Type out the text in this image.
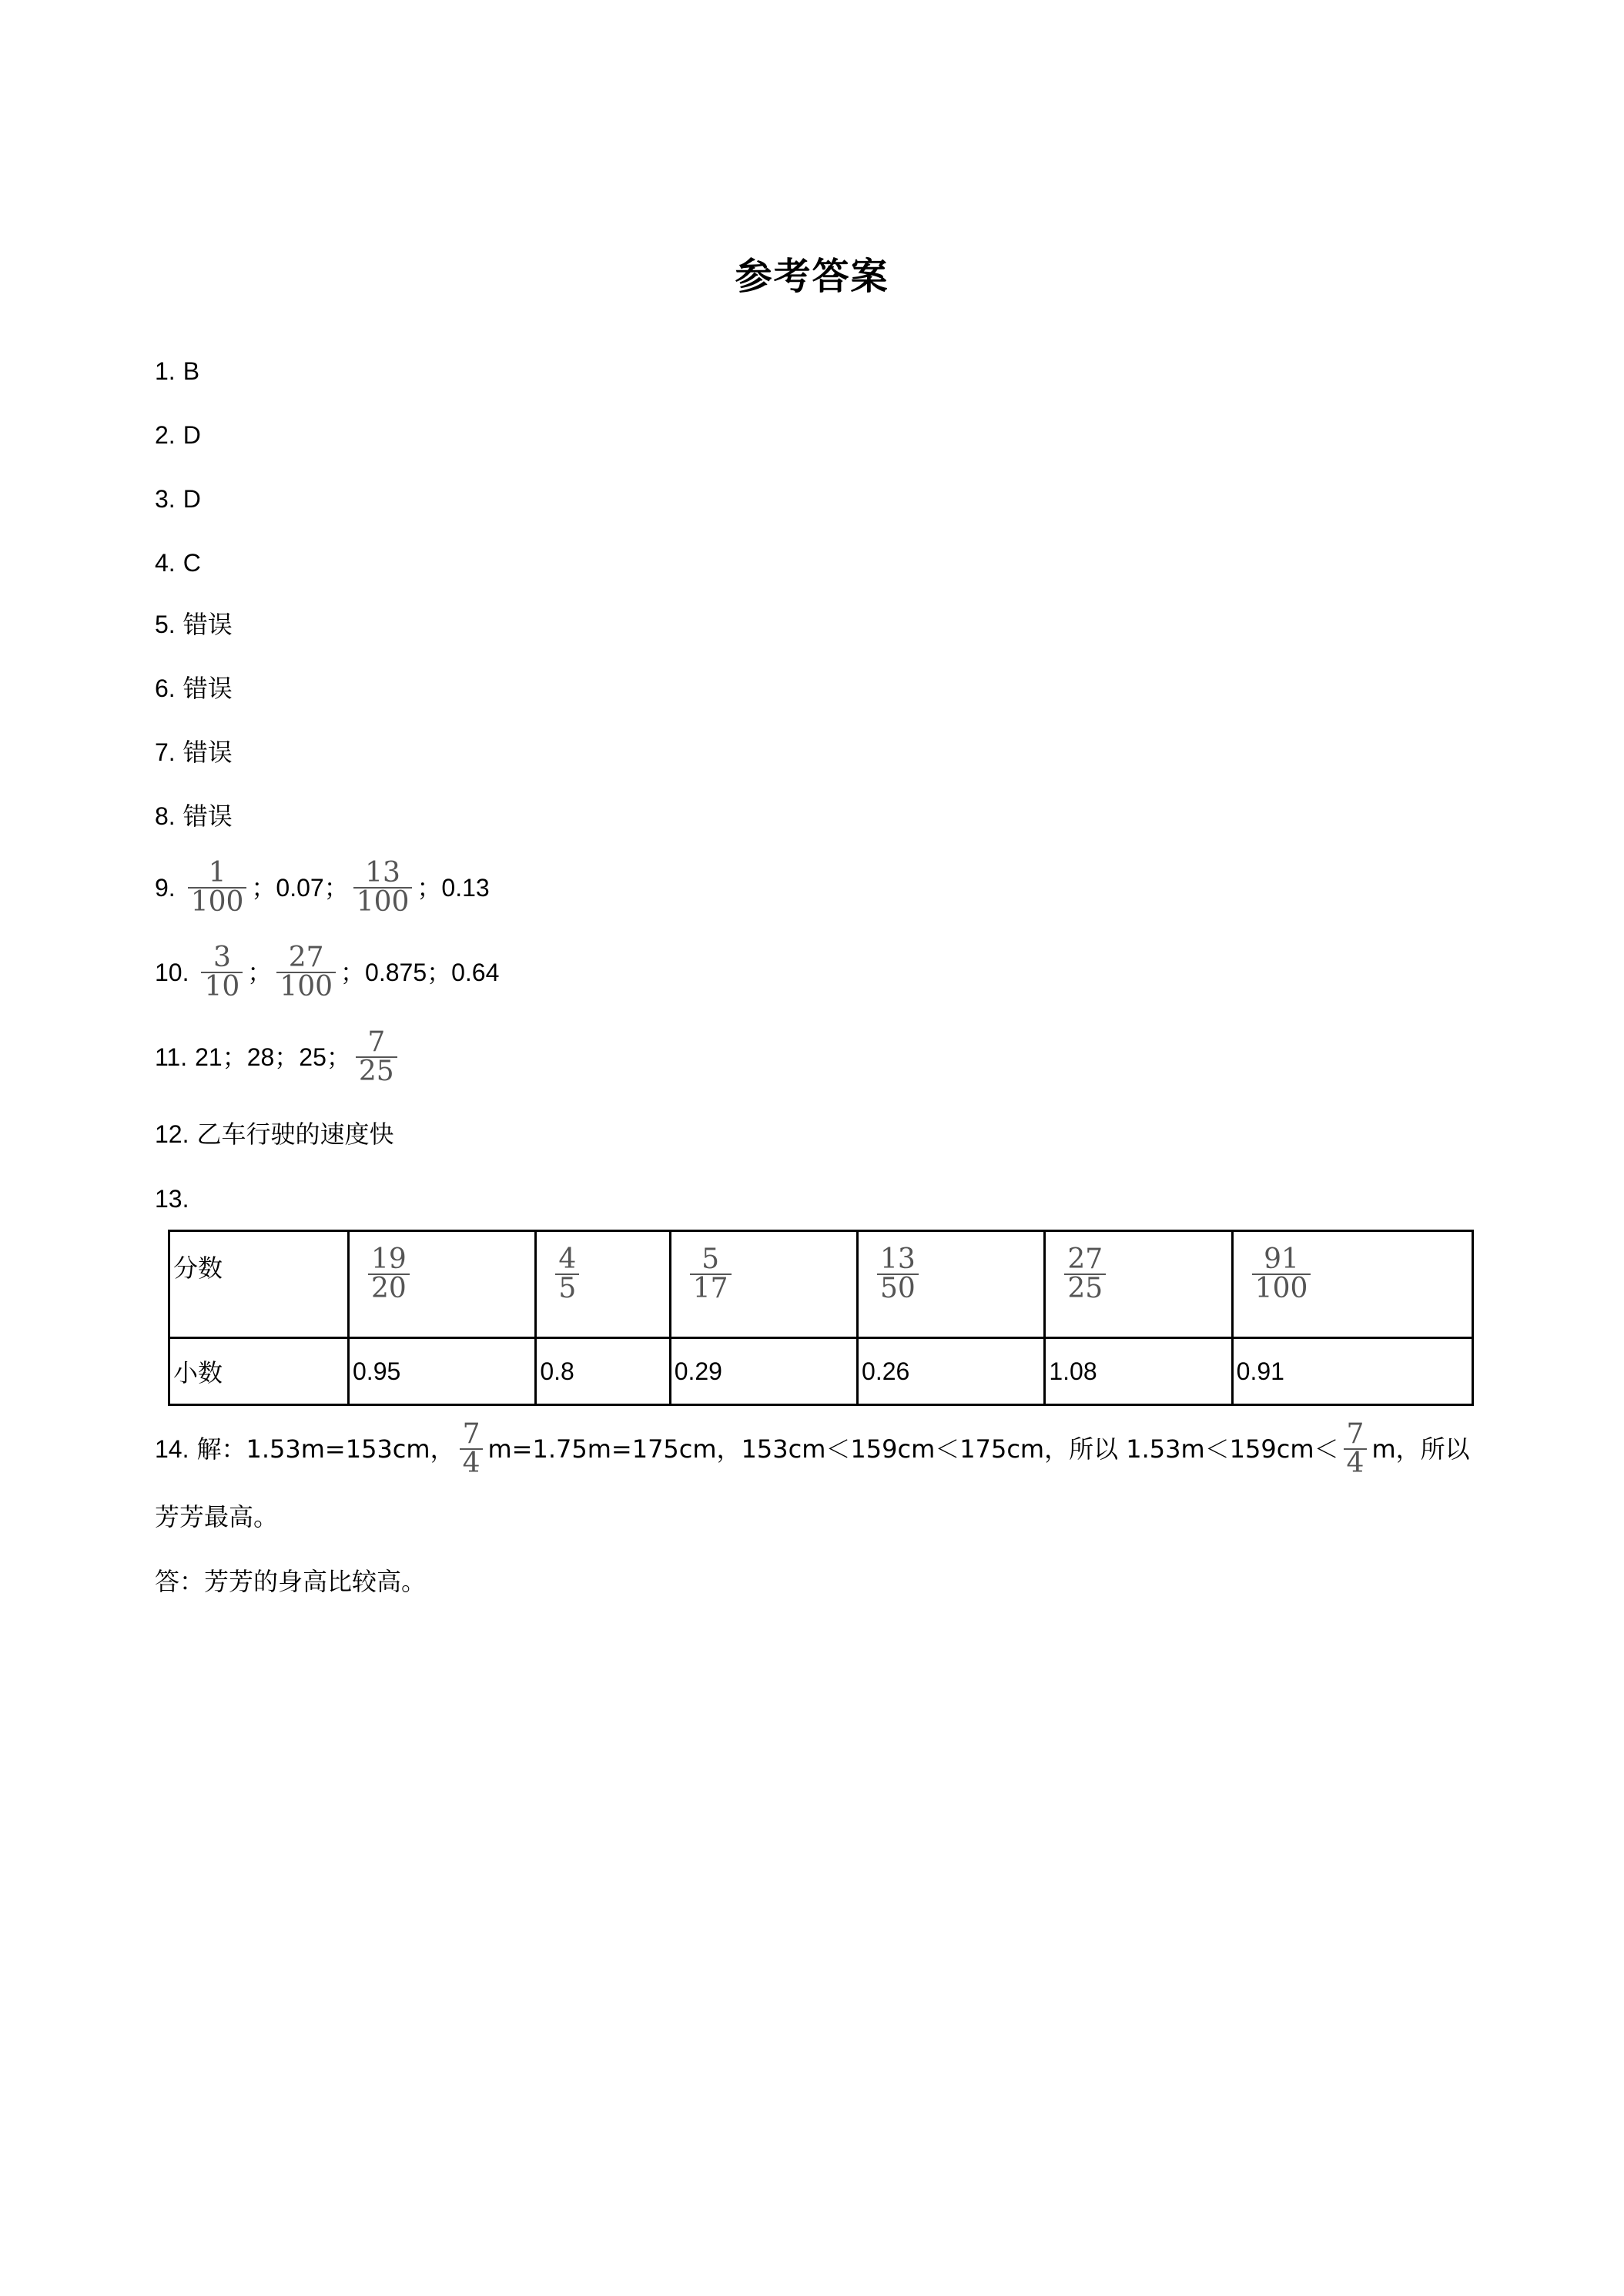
参考答案
1. B
2. D
3. D
4. C
5. 错误
6. 错误
7. 错误
8. 错误
9. $\frac{1}{100}$ ；0.07； $\frac{13}{100}$ ；0.13
10. $\frac{3}{10}$ ； $\frac{27}{100}$ ；0.875；0.64
11. 21；28；25； $\frac{7}{25}$
12. 乙车行驶的速度快
13.
分数	$\frac{19}{20}$	$\frac{4}{5}$	$\frac{5}{17}$	$\frac{13}{50}$	$\frac{27}{25}$	$\frac{91}{100}$

小数	0.95	0.8	0.29	0.26	1.08	0.91
14. 解：1.53m=153cm， $\frac{7}{4} m=1.75m=175cm$，153cm＜159cm＜175cm，所以 $1.53m<159cm< \frac{7}{4}$ m，所以
芳芳最高。
答：芳芳的身高比较高。
